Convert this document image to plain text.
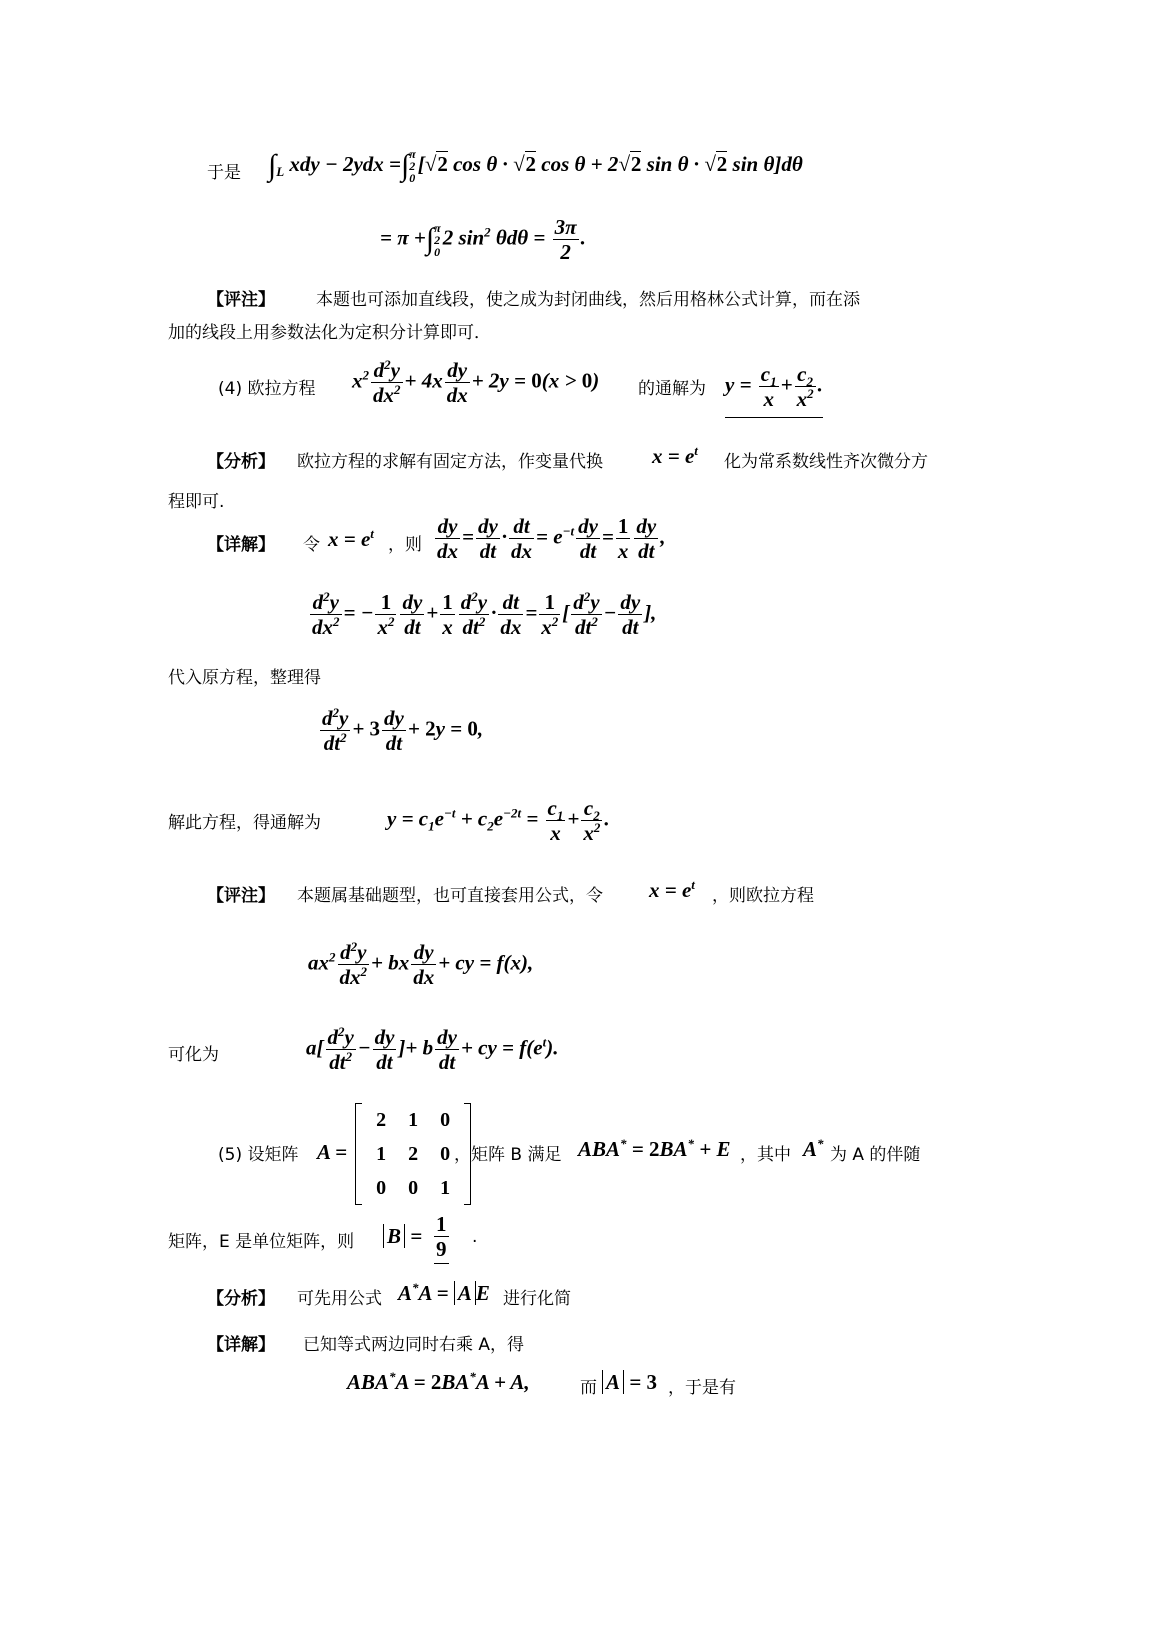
于是 $\int_L$ xdy − 2ydx =∫π
2
0[√2 cos θ · √2 cos θ + 2√2 sin θ · √2 sin θ]dθ
= π +∫π
2
02 $\sin^2 \theta d\theta = \frac{3\pi}{2}$ .
【评注】 本题也可添加直线段，使之成为封闭曲线，然后用格林公式计算，而在添
加的线段上用参数法化为定积分计算即可．
(4) 欧拉方程 $x^2 \frac{d^2y}{dx^2} + 4x \frac{dy}{dx} + 2y = 0(x > 0)$ 的通解为 $y = \frac{c_1}{x} + \frac{c_2}{x^2}$ .
【分析】 欧拉方程的求解有固定方法，作变量代换 $x = e^t$
化为常系数线性齐次微分方
程即可.
【详解】 令 $x = e^t$
，则 $\frac{dy}{dx} = \frac{dy}{dt} \cdot \frac{dt}{dx} = e^{-t} \frac{dy}{dt} = \frac{1}{x} \frac{dy}{dt}$ ,
$\frac{d^2y}{dx^2}$ = − $\frac{1}{x^2} \frac{dy}{dt} + \frac{1}{x} \frac{d^2y}{dt^2} \cdot \frac{dt}{dx} = \frac{1}{x^2}$ [ $\frac{d^2y}{dt^2} - \frac{dy}{dt}$ ],
代入原方程，整理得
$\frac{d^2y}{dt^2} + 3 \frac{dy}{dt} + 2y = 0$,
解此方程，得通解为	$y = c_1e^{-t} + c_2e^{-2t} = \frac{c_1}{x} + \frac{c_2}{x^2}$ .
【评注】 本题属基础题型，也可直接套用公式，令 $x = e^t$
，则欧拉方程
$ax^2 \frac{d^2y}{dx^2}$ + bx $\frac{dy}{dx}$ + cy = f(x),
可化为	$a[ \frac{d^2y}{dt^2} - \frac{dy}{dt}$ ]+ b $\frac{dy}{dt}$ + cy = $f(e^t)$.
(5) 设矩阵 A =
2	1	0
1	2	0
0	0	1
，矩阵 B 满足 ABA* = 2BA* + E ，其中 A*
为 A 的伴随
矩阵，E 是单位矩阵，则 $B = \frac{1}{9}$ .
【分析】 可先用公式 A*A = A E 进行化简
【详解】 已知等式两边同时右乘 A，得
ABA*A = 2BA*A + A,	而 A = 3 ，于是有
